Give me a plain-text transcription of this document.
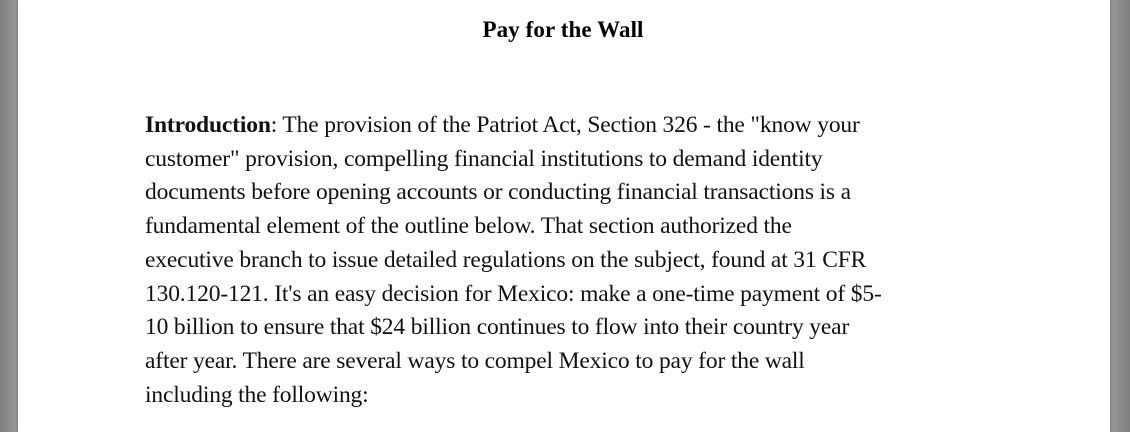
Pay for the Wall
Introduction: The provision of the Patriot Act, Section 326 - the "know your
customer" provision, compelling financial institutions to demand identity
documents before opening accounts or conducting financial transactions is a
fundamental element of the outline below. That section authorized the
executive branch to issue detailed regulations on the subject, found at 31 CFR
130.120-121. It's an easy decision for Mexico: make a one-time payment of $5-
10 billion to ensure that $24 billion continues to flow into their country year
after year. There are several ways to compel Mexico to pay for the wall
including the following:
